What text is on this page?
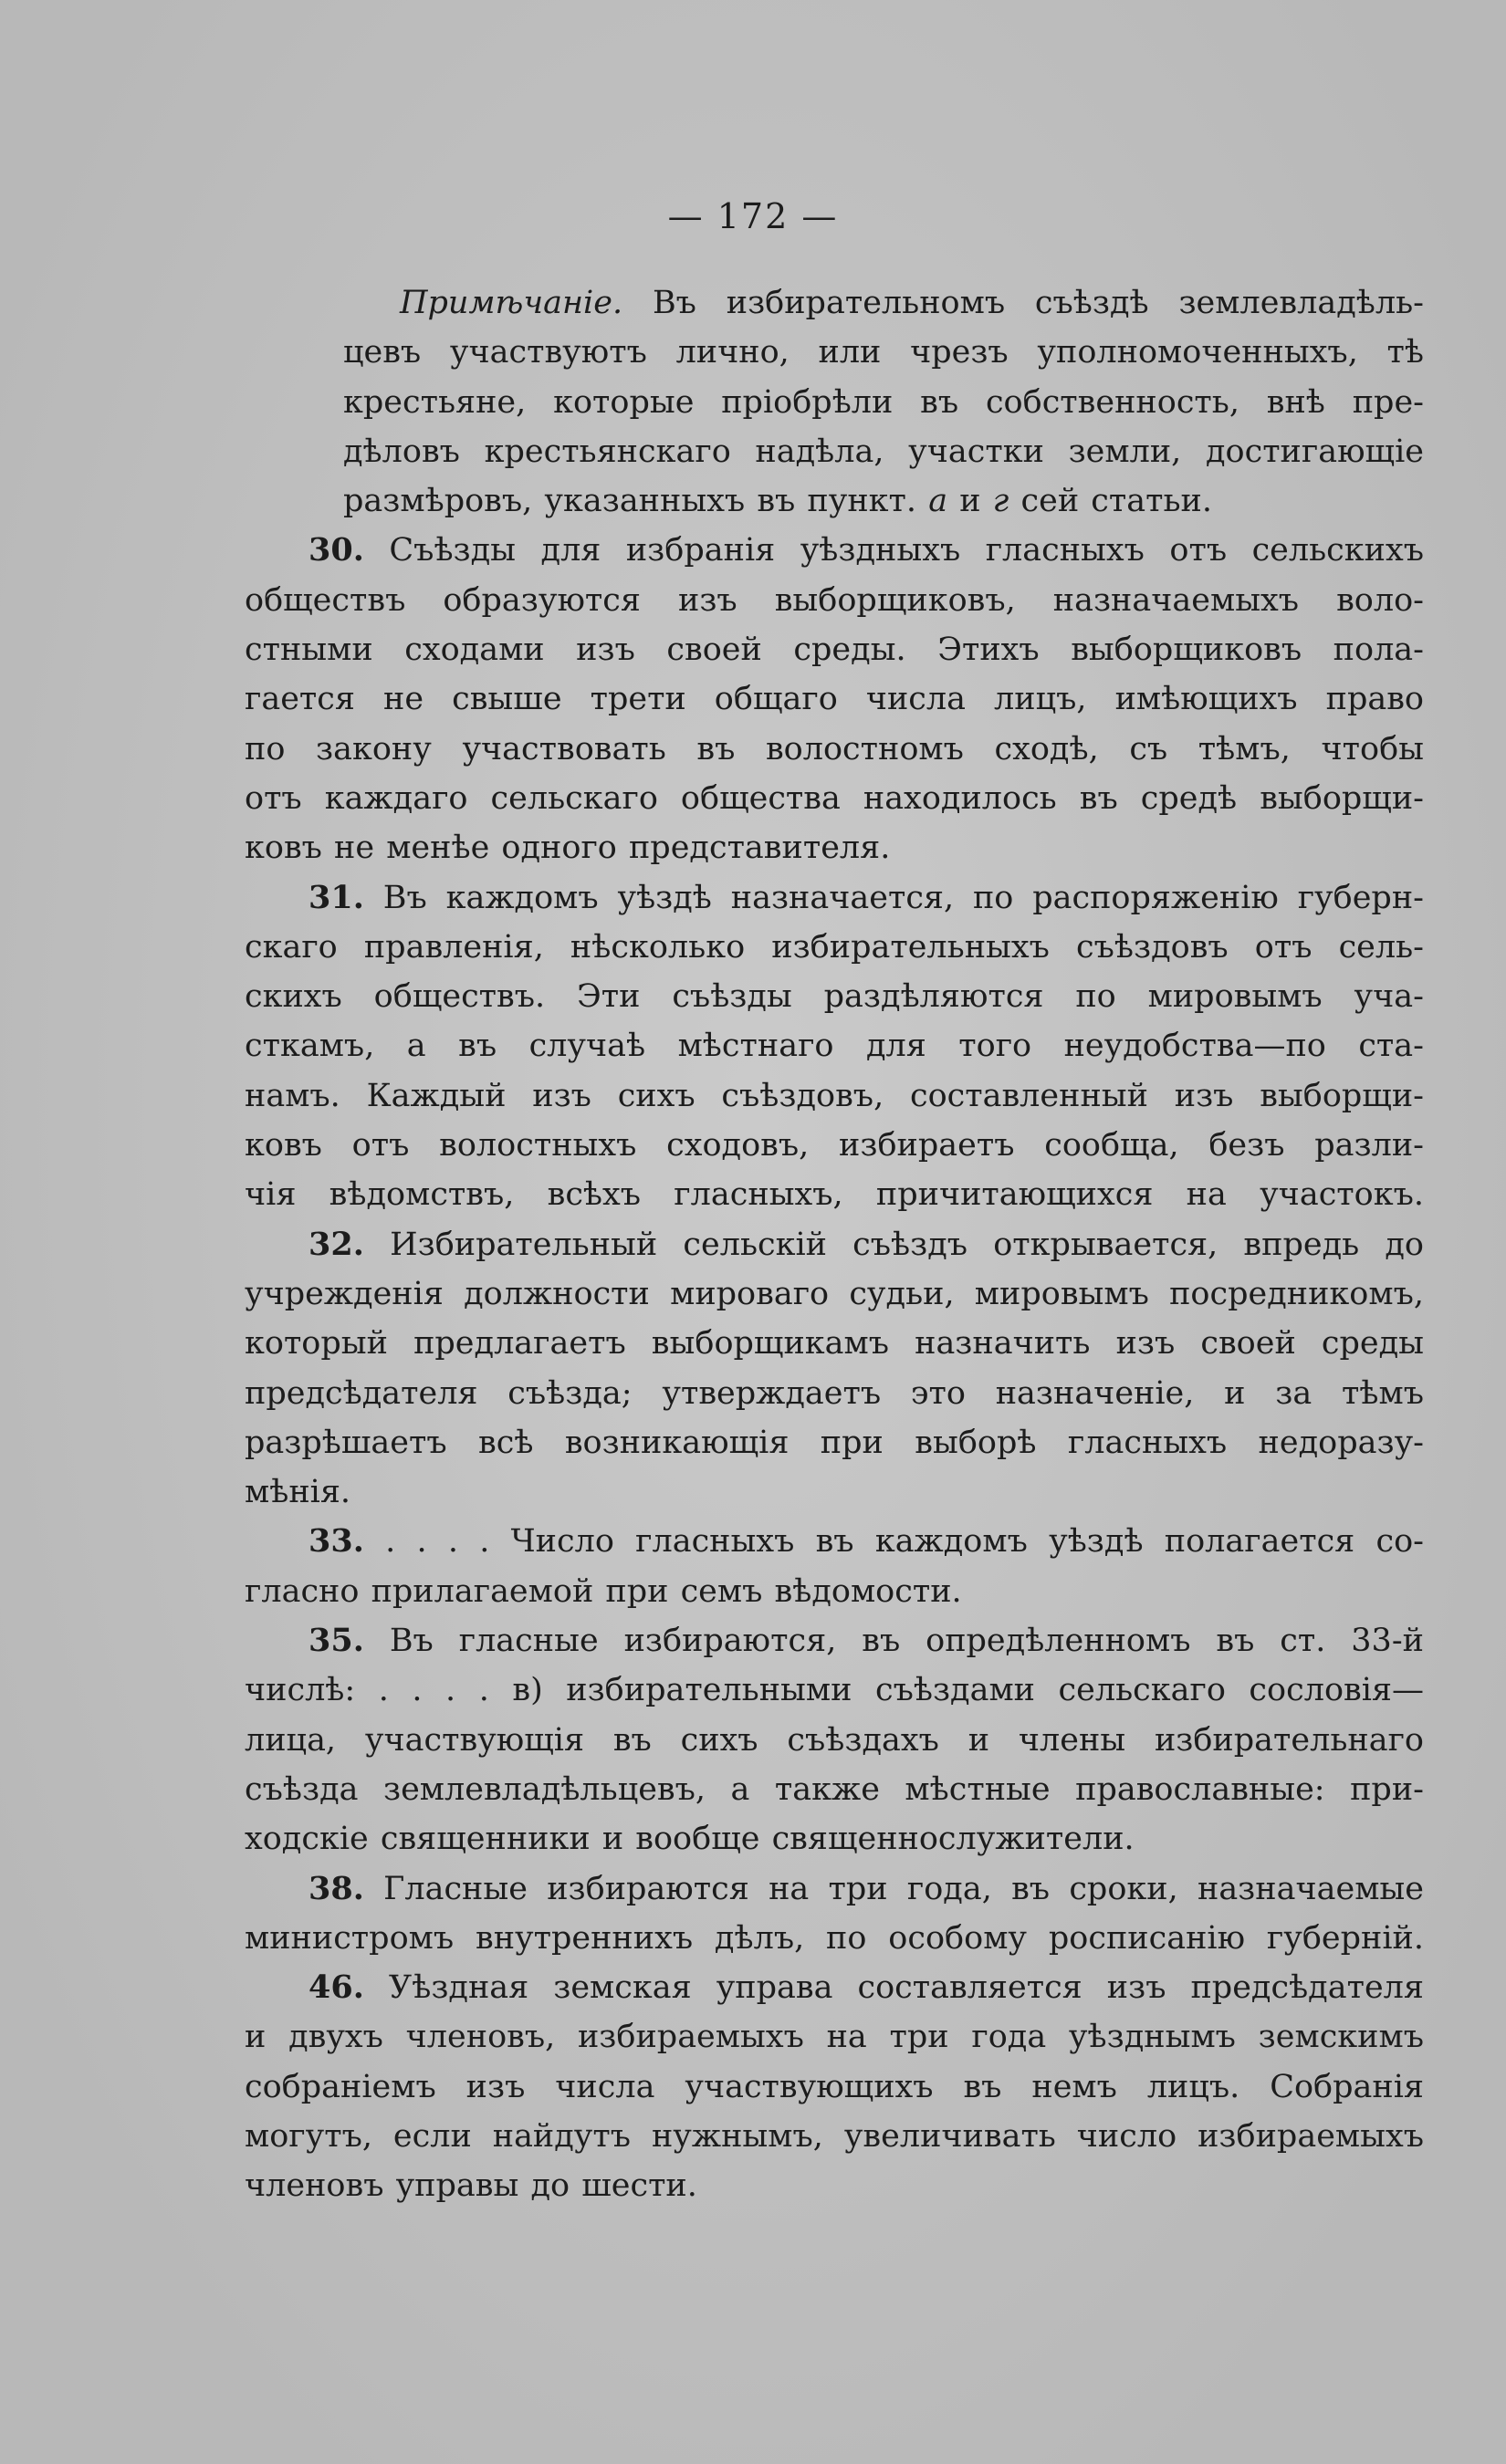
— 172 —
Примѣчаніе. Въ избирательномъ съѣздѣ землевладѣль-
цевъ участвуютъ лично, или чрезъ уполномоченныхъ, тѣ
крестьяне, которые пріобрѣли въ собственность, внѣ пре-
дѣловъ крестьянскаго надѣла, участки земли, достигающіе
размѣровъ, указанныхъ въ пункт. а и г сей статьи.
30. Съѣзды для избранія уѣздныхъ гласныхъ отъ сельскихъ
обществъ образуются изъ выборщиковъ, назначаемыхъ воло-
стными сходами изъ своей среды. Этихъ выборщиковъ пола-
гается не свыше трети общаго числа лицъ, имѣющихъ право
по закону участвовать въ волостномъ сходѣ, съ тѣмъ, чтобы
отъ каждаго сельскаго общества находилось въ средѣ выборщи-
ковъ не менѣе одного представителя.
31. Въ каждомъ уѣздѣ назначается, по распоряженію губерн-
скаго правленія, нѣсколько избирательныхъ съѣздовъ отъ сель-
скихъ обществъ. Эти съѣзды раздѣляются по мировымъ уча-
сткамъ, а въ случаѣ мѣстнаго для того неудобства—по ста-
намъ. Каждый изъ сихъ съѣздовъ, составленный изъ выборщи-
ковъ отъ волостныхъ сходовъ, избираетъ сообща, безъ разли-
чія вѣдомствъ, всѣхъ гласныхъ, причитающихся на участокъ.
32. Избирательный сельскій съѣздъ открывается, впредь до
учрежденія должности мироваго судьи, мировымъ посредникомъ,
который предлагаетъ выборщикамъ назначить изъ своей среды
предсѣдателя съѣзда; утверждаетъ это назначеніе, и за тѣмъ
разрѣшаетъ всѣ возникающія при выборѣ гласныхъ недоразу-
мѣнія.
33. . . . . Число гласныхъ въ каждомъ уѣздѣ полагается со-
гласно прилагаемой при семъ вѣдомости.
35. Въ гласные избираются, въ опредѣленномъ въ ст. 33-й
числѣ: . . . . в) избирательными съѣздами сельскаго сословія—
лица, участвующія въ сихъ съѣздахъ и члены избирательнаго
съѣзда землевладѣльцевъ, а также мѣстные православные: при-
ходскіе священники и вообще священнослужители.
38. Гласные избираются на три года, въ сроки, назначаемые
министромъ внутреннихъ дѣлъ, по особому росписанію губерній.
46. Уѣздная земская управа составляется изъ предсѣдателя
и двухъ членовъ, избираемыхъ на три года уѣзднымъ земскимъ
собраніемъ изъ числа участвующихъ въ немъ лицъ. Собранія
могутъ, если найдутъ нужнымъ, увеличивать число избираемыхъ
членовъ управы до шести.
